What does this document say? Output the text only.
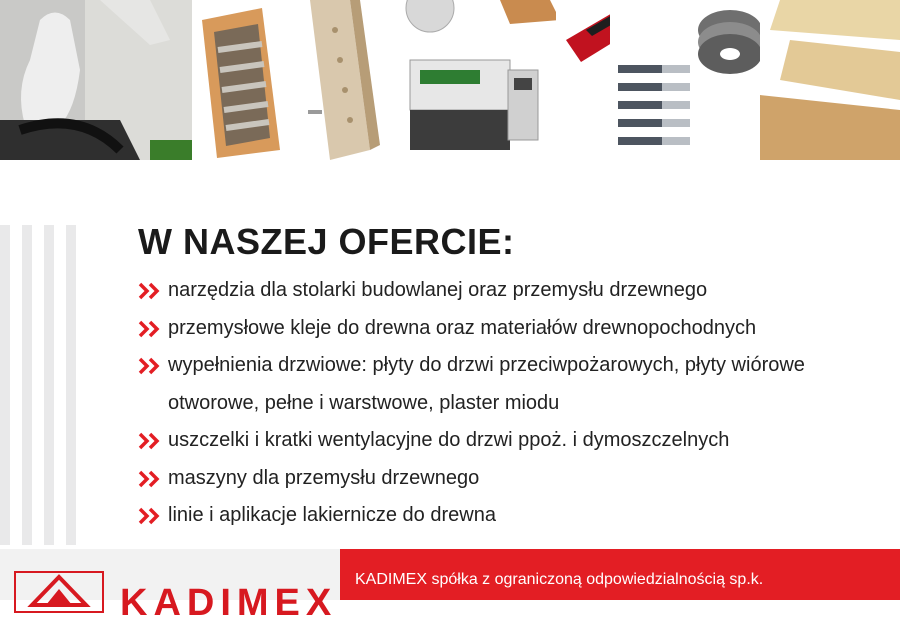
W NASZEJ OFERCIE:
narzędzia dla stolarki budowlanej oraz przemysłu drzewnego
przemysłowe kleje do drewna oraz materiałów drewnopochodnych
wypełnienia drzwiowe: płyty do drzwi przeciwpożarowych, płyty wiórowe otworowe, pełne i warstwowe, plaster miodu
uszczelki i kratki wentylacyjne do drzwi ppoż. i dymoszczelnych
maszyny dla przemysłu drzewnego
linie i aplikacje lakiernicze do drewna
KADIMEX
KADIMEX spółka z ograniczoną odpowiedzialnością sp.k.
